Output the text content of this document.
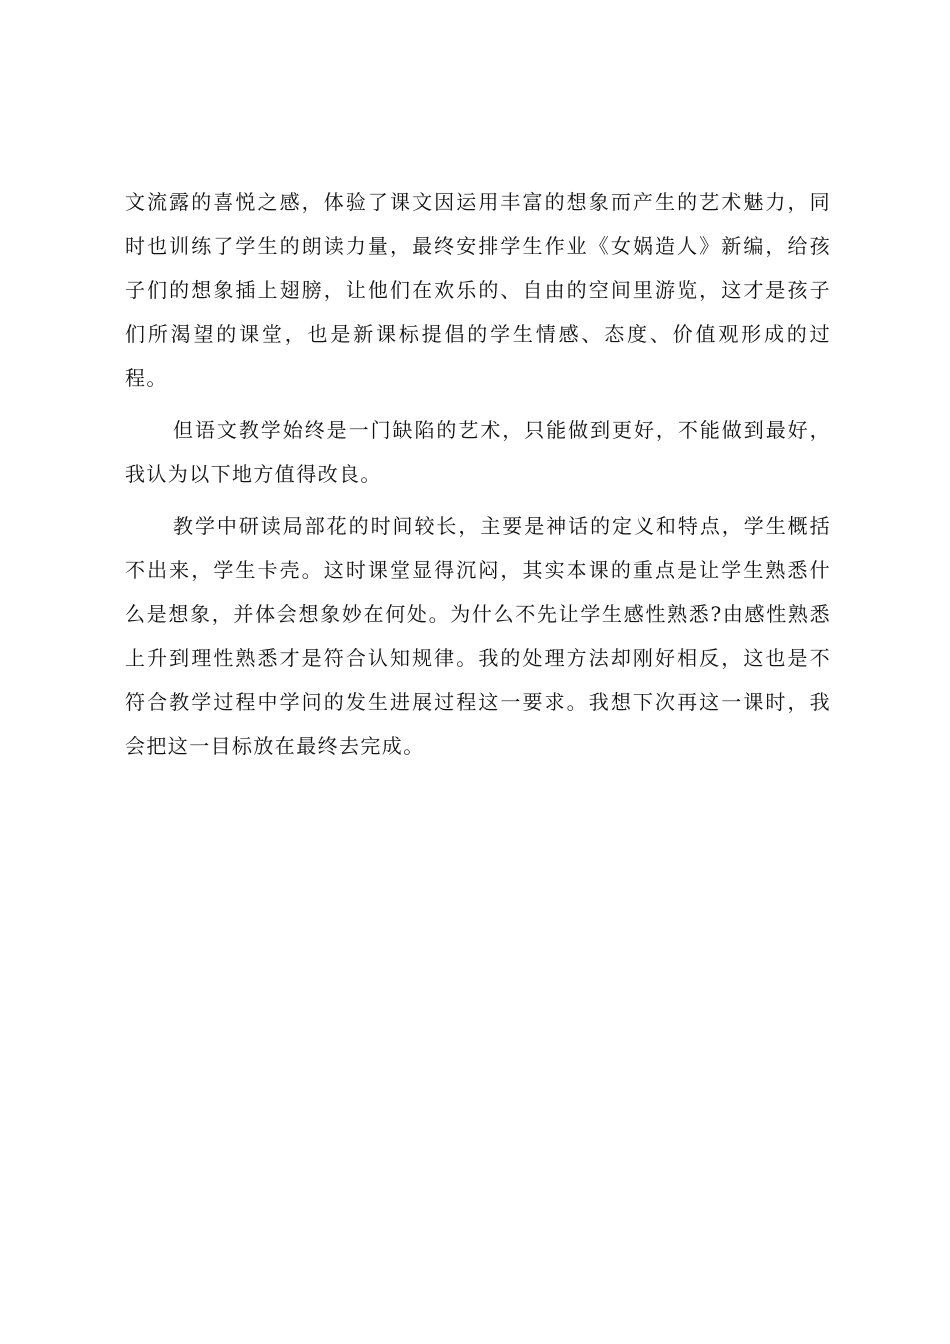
文流露的喜悦之感，体验了课文因运用丰富的想象而产生的艺术魅力，同时也训练了学生的朗读力量，最终安排学生作业《女娲造人》新编，给孩子们的想象插上翅膀，让他们在欢乐的、自由的空间里游览，这才是孩子们所渴望的课堂，也是新课标提倡的学生情感、态度、价值观形成的过程。

但语文教学始终是一门缺陷的艺术，只能做到更好，不能做到最好，我认为以下地方值得改良。

教学中研读局部花的时间较长，主要是神话的定义和特点，学生概括不出来，学生卡壳。这时课堂显得沉闷，其实本课的重点是让学生熟悉什么是想象，并体会想象妙在何处。为什么不先让学生感性熟悉?由感性熟悉上升到理性熟悉才是符合认知规律。我的处理方法却刚好相反，这也是不符合教学过程中学问的发生进展过程这一要求。我想下次再这一课时，我会把这一目标放在最终去完成。
